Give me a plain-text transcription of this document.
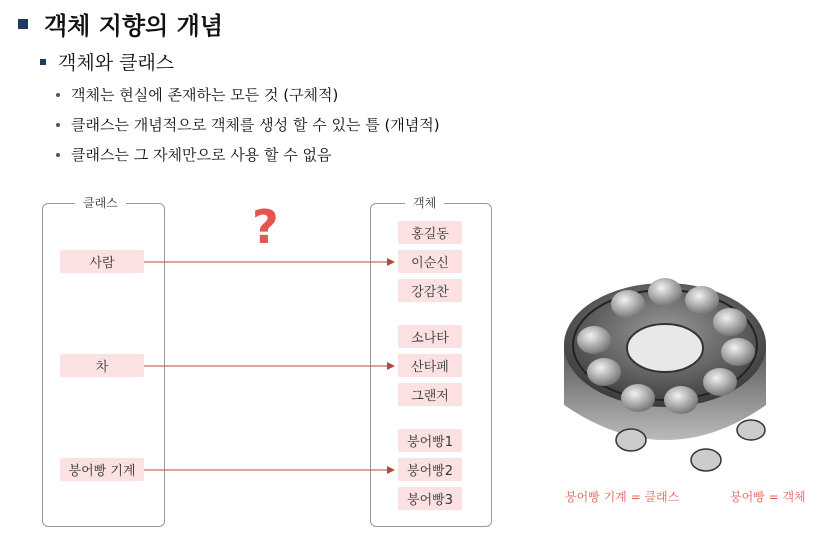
객체 지향의 개념
객체와 클래스
객체는 현실에 존재하는 모든 것 (구체적)
클래스는 개념적으로 객체를 생성 할 수 있는 틀 (개념적)
클래스는 그 자체만으로 사용 할 수 없음
클래스	객체
사람
차
붕어빵 기계
홍길동
이순신
강감찬
소나타
산타페
그랜저
붕어빵1
붕어빵2
붕어빵3
?
붕어빵 기계 = 클래스	붕어빵 = 객체
